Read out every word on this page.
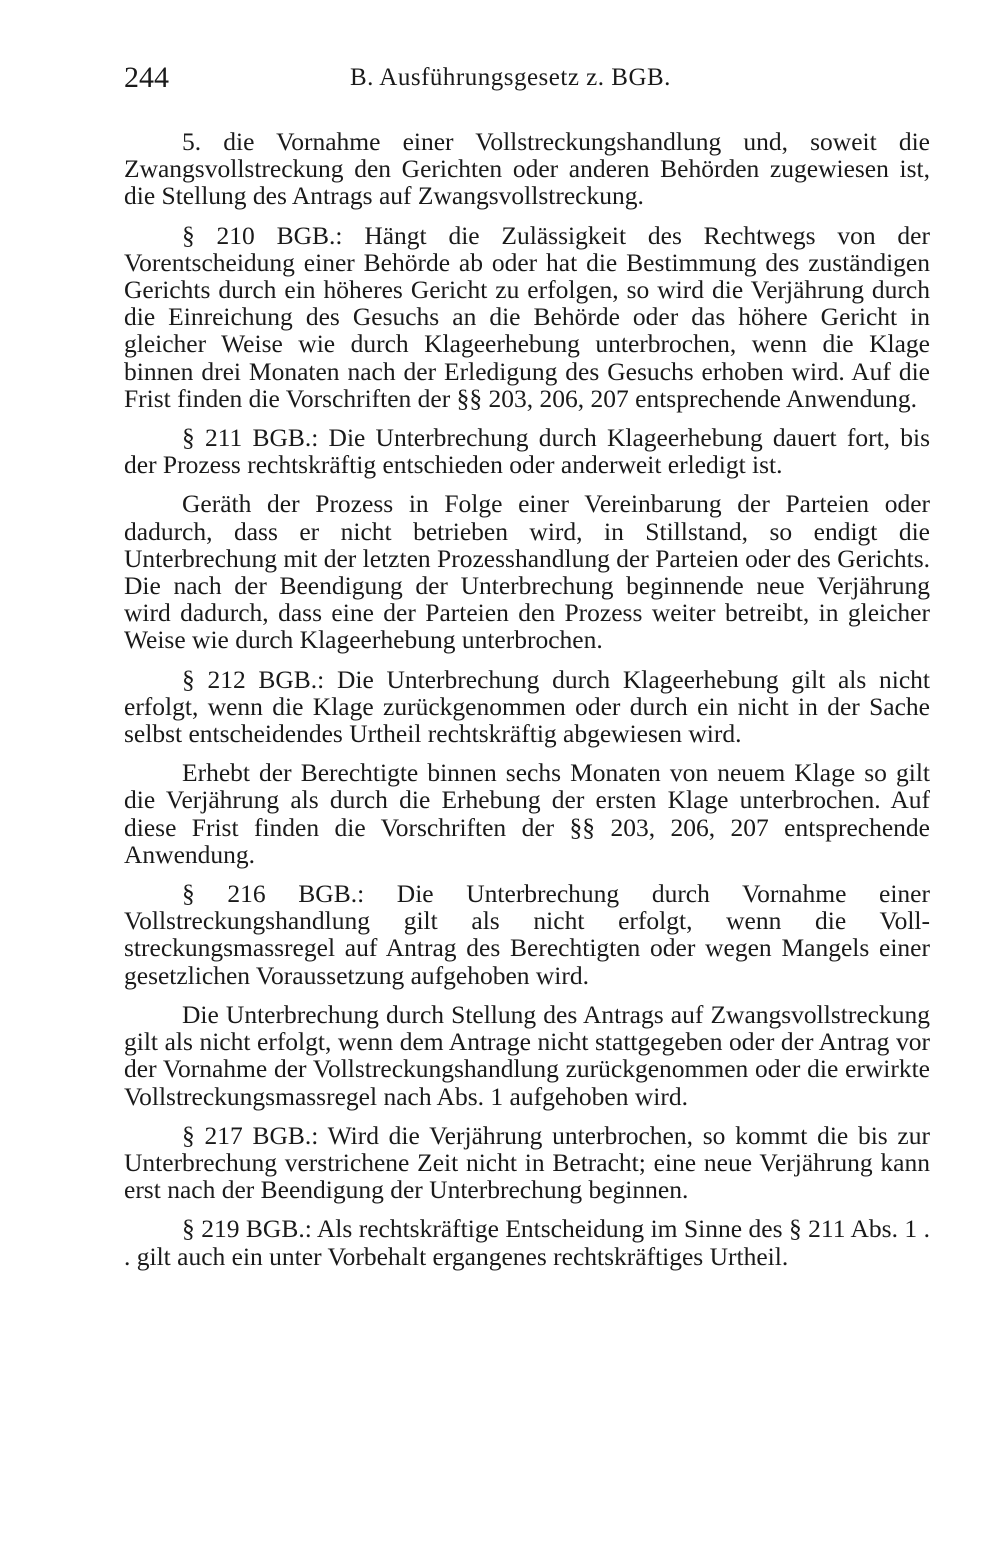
244	B. Ausführungsgesetz z. BGB.

5. die Vornahme einer Vollstreckungshandlung und, soweit die Zwangsvollstreckung den Gerichten oder anderen Behörden zugewiesen ist, die Stellung des Antrags auf Zwangsvollstreckung.

§ 210 BGB.: Hängt die Zulässigkeit des Rechtwegs von der Vorentscheidung einer Behörde ab oder hat die Bestimmung des zuständigen Gerichts durch ein höheres Gericht zu erfolgen, so wird die Verjährung durch die Einreichung des Gesuchs an die Behörde oder das höhere Gericht in gleicher Weise wie durch Klageerhebung unterbrochen, wenn die Klage binnen drei Monaten nach der Erledigung des Gesuchs erhoben wird. Auf die Frist finden die Vorschriften der §§ 203, 206, 207 entsprechende Anwendung.

§ 211 BGB.: Die Unterbrechung durch Klageerhebung dauert fort, bis der Prozess rechtskräftig entschieden oder anderweit erledigt ist.

Geräth der Prozess in Folge einer Vereinbarung der Parteien oder dadurch, dass er nicht betrieben wird, in Stillstand, so endigt die Unterbrechung mit der letzten Prozesshandlung der Parteien oder des Gerichts. Die nach der Beendigung der Unterbrechung beginnende neue Verjährung wird dadurch, dass eine der Parteien den Prozess weiter betreibt, in gleicher Weise wie durch Klageerhebung unterbrochen.

§ 212 BGB.: Die Unterbrechung durch Klageerhebung gilt als nicht erfolgt, wenn die Klage zurückgenommen oder durch ein nicht in der Sache selbst entscheidendes Urtheil rechtskräftig abgewiesen wird.

Erhebt der Berechtigte binnen sechs Monaten von neuem Klage so gilt die Verjährung als durch die Erhebung der ersten Klage unterbrochen. Auf diese Frist finden die Vorschriften der §§ 203, 206, 207 entsprechende Anwendung.

§ 216 BGB.: Die Unterbrechung durch Vornahme einer Vollstreckungshandlung gilt als nicht erfolgt, wenn die Vollstreckungsmassregel auf Antrag des Berechtigten oder wegen Mangels einer gesetzlichen Voraussetzung aufgehoben wird.

Die Unterbrechung durch Stellung des Antrags auf Zwangsvollstreckung gilt als nicht erfolgt, wenn dem Antrage nicht stattgegeben oder der Antrag vor der Vornahme der Vollstreckungshandlung zurückgenommen oder die erwirkte Vollstreckungsmassregel nach Abs. 1 aufgehoben wird.

§ 217 BGB.: Wird die Verjährung unterbrochen, so kommt die bis zur Unterbrechung verstrichene Zeit nicht in Betracht; eine neue Verjährung kann erst nach der Beendigung der Unterbrechung beginnen.

§ 219 BGB.: Als rechtskräftige Entscheidung im Sinne des § 211 Abs. 1 . . gilt auch ein unter Vorbehalt ergangenes rechtskräftiges Urtheil.
